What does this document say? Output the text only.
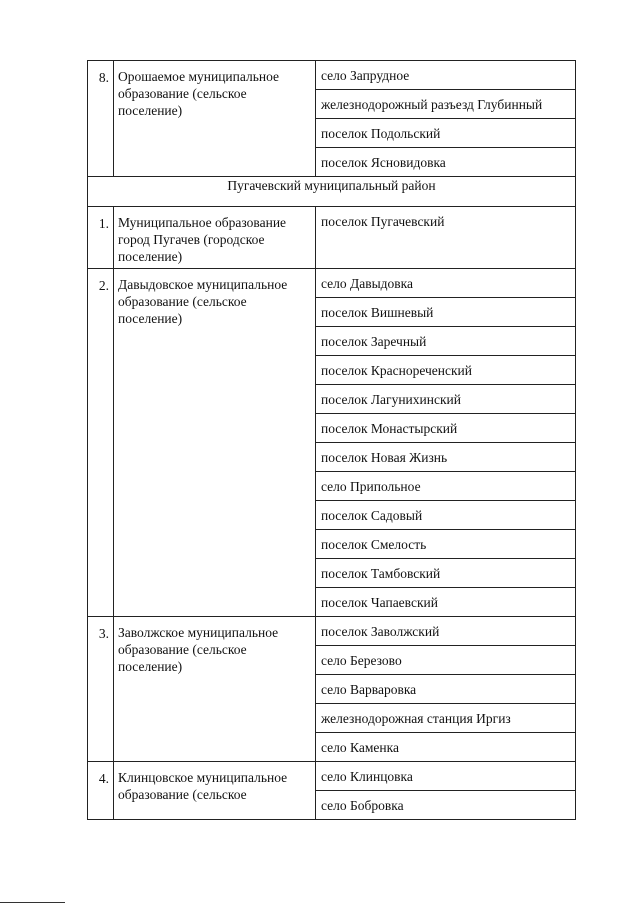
8.	Орошаемое муниципальное образование (сельское поселение)	село Запрудное
		железнодорожный разъезд Глубинный
		поселок Подольский
		поселок Ясновидовка
Пугачевский муниципальный район		
1.	Муниципальное образование город Пугачев (городское поселение)	поселок Пугачевский
2.	Давыдовское муниципальное образование (сельское поселение)	село Давыдовка
		поселок Вишневый
		поселок Заречный
		поселок Краснореченский
		поселок Лагунихинский
		поселок Монастырский
		поселок Новая Жизнь
		село Припольное
		поселок Садовый
		поселок Смелость
		поселок Тамбовский
		поселок Чапаевский
3.	Заволжское муниципальное образование (сельское поселение)	поселок Заволжский
		село Березово
		село Варваровка
		железнодорожная станция Иргиз
		село Каменка
4.	Клинцовское муниципальное образование (сельское	село Клинцовка
		село Бобровка
